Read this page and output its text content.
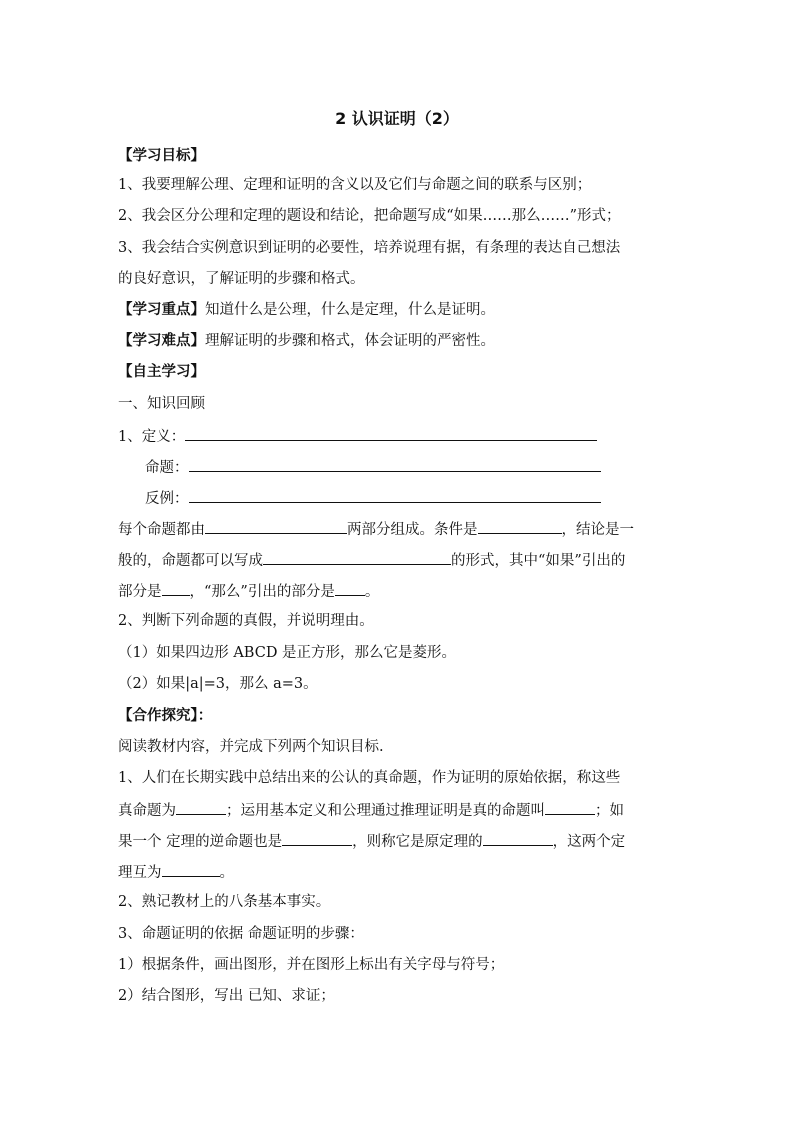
2 认识证明（2）
【学习目标】
1、我要理解公理、定理和证明的含义以及它们与命题之间的联系与区别；
2、我会区分公理和定理的题设和结论，把命题写成“如果……那么……”形式；
3、我会结合实例意识到证明的必要性，培养说理有据，有条理的表达自己想法
的良好意识，了解证明的步骤和格式。
【学习重点】知道什么是公理，什么是定理，什么是证明。
【学习难点】理解证明的步骤和格式，体会证明的严密性。
【自主学习】
一、知识回顾
1、定义：
命题：
反例：
每个命题都由	两部分组成。条件是	，结论是一
般的，命题都可以写成	的形式，其中“如果”引出的
部分是 ，“那么”引出的部分是 。
2、判断下列命题的真假，并说明理由。
（1）如果四边形 ABCD 是正方形，那么它是菱形。
（2）如果|a|=3，那么 a=3。
【合作探究】：
阅读教材内容，并完成下列两个知识目标.
1、人们在长期实践中总结出来的公认的真命题，作为证明的原始依据，称这些
真命题为	；运用基本定义和公理通过推理证明是真的命题叫	；如
果一个 定理的逆命题也是	，则称它是原定理的	，这两个定
理互为	。
2、熟记教材上的八条基本事实。
3、命题证明的依据 命题证明的步骤：
1）根据条件，画出图形，并在图形上标出有关字母与符号；
2）结合图形，写出 已知、求证；
